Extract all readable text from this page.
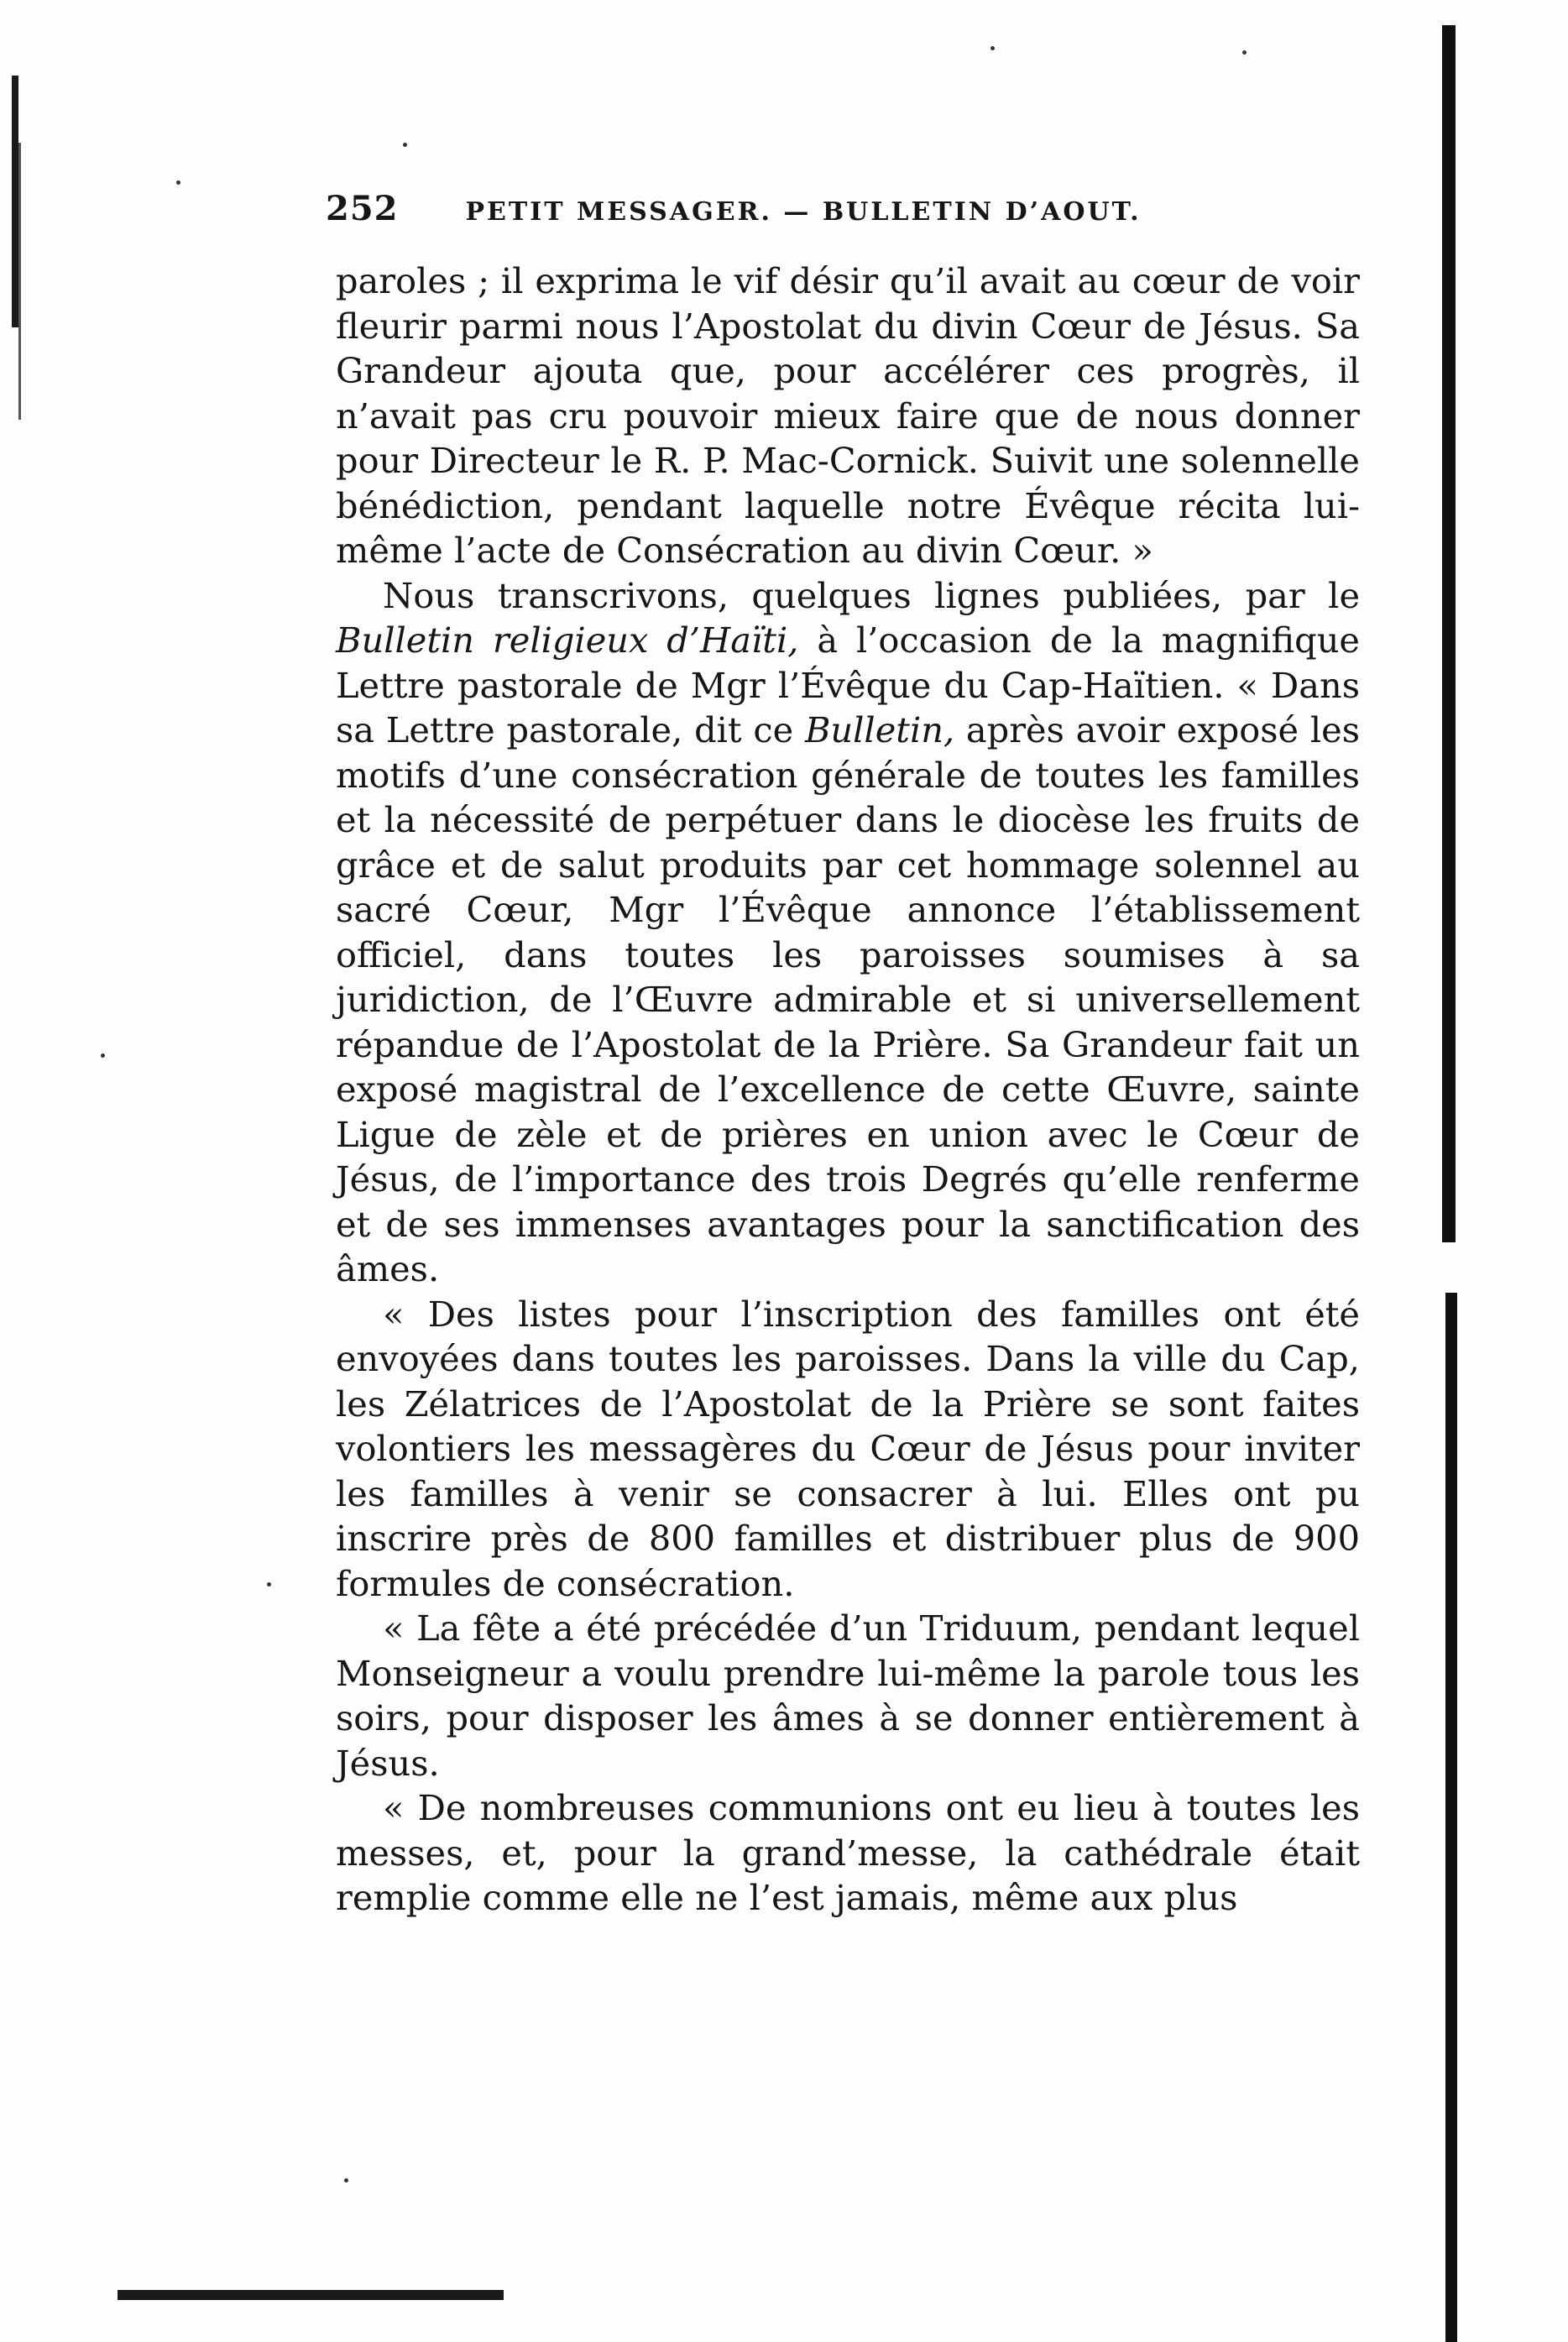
252	PETIT MESSAGER. — BULLETIN D’AOUT.

paroles ; il exprima le vif désir qu’il avait au cœur de voir fleurir parmi nous l’Apostolat du divin Cœur de Jésus. Sa Grandeur ajouta que, pour accélérer ces progrès, il n’avait pas cru pouvoir mieux faire que de nous donner pour Directeur le R. P. Mac-Cornick. Suivit une solennelle bénédiction, pendant laquelle notre Évêque récita lui-même l’acte de Consécration au divin Cœur. »

Nous transcrivons, quelques lignes publiées, par le Bulletin religieux d’Haïti, à l’occasion de la magnifique Lettre pastorale de Mgr l’Évêque du Cap-Haïtien. « Dans sa Lettre pastorale, dit ce Bulletin, après avoir exposé les motifs d’une consécration générale de toutes les familles et la nécessité de perpétuer dans le diocèse les fruits de grâce et de salut produits par cet hommage solennel au sacré Cœur, Mgr l’Évêque annonce l’établissement officiel, dans toutes les paroisses soumises à sa juridiction, de l’Œuvre admirable et si universellement répandue de l’Apostolat de la Prière. Sa Grandeur fait un exposé magistral de l’excellence de cette Œuvre, sainte Ligue de zèle et de prières en union avec le Cœur de Jésus, de l’importance des trois Degrés qu’elle renferme et de ses immenses avantages pour la sanctification des âmes.

« Des listes pour l’inscription des familles ont été envoyées dans toutes les paroisses. Dans la ville du Cap, les Zélatrices de l’Apostolat de la Prière se sont faites volontiers les messagères du Cœur de Jésus pour inviter les familles à venir se consacrer à lui. Elles ont pu inscrire près de 800 familles et distribuer plus de 900 formules de consécration.

« La fête a été précédée d’un Triduum, pendant lequel Monseigneur a voulu prendre lui-même la parole tous les soirs, pour disposer les âmes à se donner entièrement à Jésus.

« De nombreuses communions ont eu lieu à toutes les messes, et, pour la grand’messe, la cathédrale était remplie comme elle ne l’est jamais, même aux plus
